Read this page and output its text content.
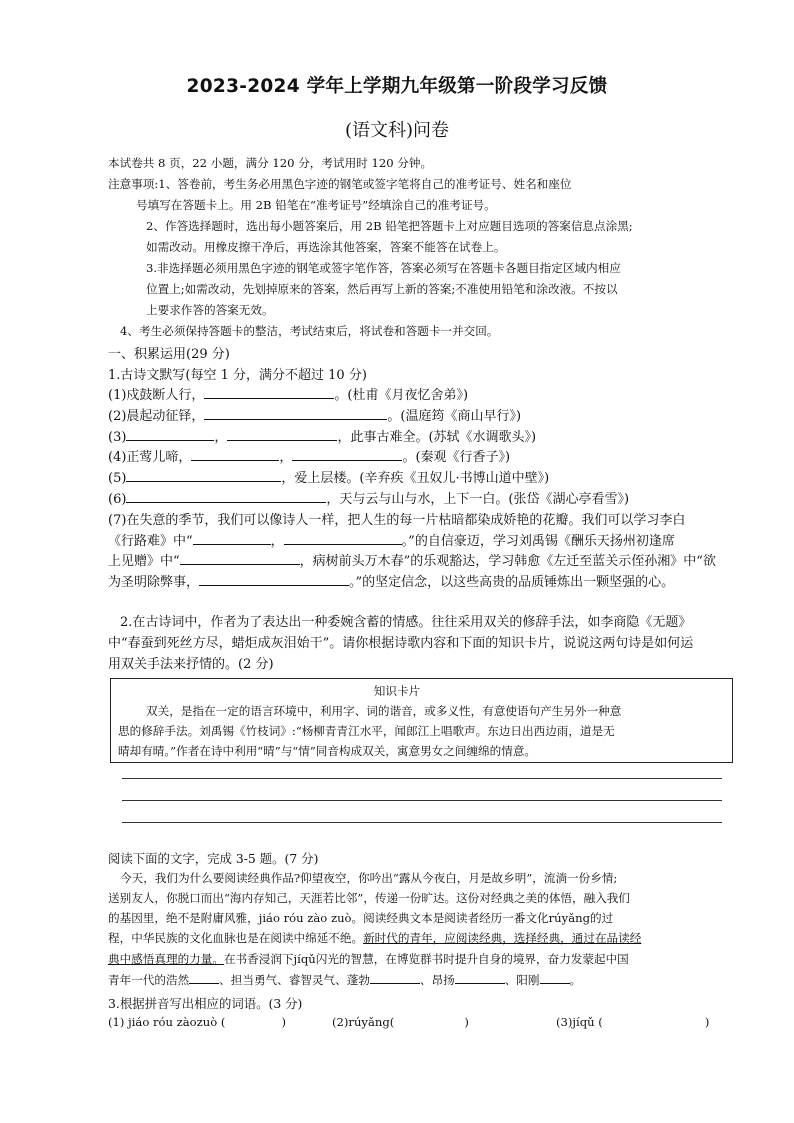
2023-2024 学年上学期九年级第一阶段学习反馈
(语文科)问卷
本试卷共 8 页，22 小题，满分 120 分，考试用时 120 分钟。
注意事项:1、答卷前，考生务必用黑色字迹的钢笔或签字笔将自己的准考证号、姓名和座位
号填写在答题卡上。用 2B 铅笔在“准考证号”经填涂自己的准考证号。
2、作答选择题时，选出每小题答案后，用 2B 铅笔把答题卡上对应题目选项的答案信息点涂黑;
如需改动。用橡皮擦干净后，再选涂其他答案，答案不能答在试卷上。
3.非选择题必须用黑色字迹的钢笔或签字笔作答，答案必须写在答题卡各题目指定区域内相应
位置上;如需改动，先划掉原来的答案，然后再写上新的答案;不准使用铅笔和涂改液。不按以
上要求作答的答案无效。
4、考生必须保持答题卡的整洁，考试结束后，将试卷和答题卡一并交回。
一、积累运用(29 分)
1.古诗文默写(每空 1 分，满分不超过 10 分)
(1)戍鼓断人行，	。(杜甫《月夜忆舍弟》)
(2)晨起动征铎，	。(温庭筠《商山早行》)
(3)	，	，此事古难全。(苏轼《水调歌头》)
(4)正莺儿啼，	，	。(秦观《行香子》)
(5)	，爱上层楼。(辛弃疾《丑奴儿·书博山道中壁》)
(6)	，天与云与山与水，上下一白。(张岱《湖心亭看雪》)
(7)在失意的季节，我们可以像诗人一样，把人生的每一片枯暗都染成娇艳的花瓣。我们可以学习李白
《行路难》中“	，	。”的自信豪迈，学习刘禹锡《酬乐天扬州初逢席
上见赠》中“	，病树前头万木春”的乐观豁达，学习韩愈《左迁至蓝关示侄孙湘》中“欲
为圣明除弊事，	。”的坚定信念，以这些高贵的品质锤炼出一颗坚强的心。
2.在古诗词中，作者为了表达出一种委婉含蓄的情感。往往采用双关的修辞手法，如李商隐《无题》
中“春蚕到死丝方尽，蜡炬成灰泪始干”。请你根据诗歌内容和下面的知识卡片，说说这两句诗是如何运
用双关手法来抒情的。(2 分)
知识卡片
双关，是指在一定的语言环境中，利用字、词的谐音，或多义性，有意使语句产生另外一种意
思的修辞手法。刘禹锡《竹枝词》:“杨柳青青江水平，闻郎江上唱歌声。东边日出西边雨，道是无
晴却有晴。”作者在诗中利用“晴”与“情”同音构成双关，寓意男女之间缠绵的情意。
阅读下面的文字，完成 3-5 题。(7 分)
今天，我们为什么要阅读经典作品?仰望夜空，你吟出“露从今夜白，月是故乡明”，流淌一份乡情;
送别友人，你脱口而出“海内存知己，天涯若比邻”，传递一份旷达。这份对经典之美的体悟，融入我们
的基因里，绝不是附庸风雅，jiáo róu zào zuò。阅读经典文本是阅读者经历一番文化rúyǎng的过
程，中华民族的文化血脉也是在阅读中绵延不绝。新时代的青年，应阅读经典，选择经典，通过在品读经
典中感悟真理的力量。在书香浸润下jíqǔ闪光的智慧，在博览群书时提升自身的境界，奋力发蒙起中国
青年一代的浩然	、担当勇气、睿智灵气、蓬勃	、昂扬	、阳刚	。
3.根据拼音写出相应的词语。(3 分)
(1) jiáo róu zàozuò (	)	(2)rúyǎng(	)	(3)jíqǔ (	)
